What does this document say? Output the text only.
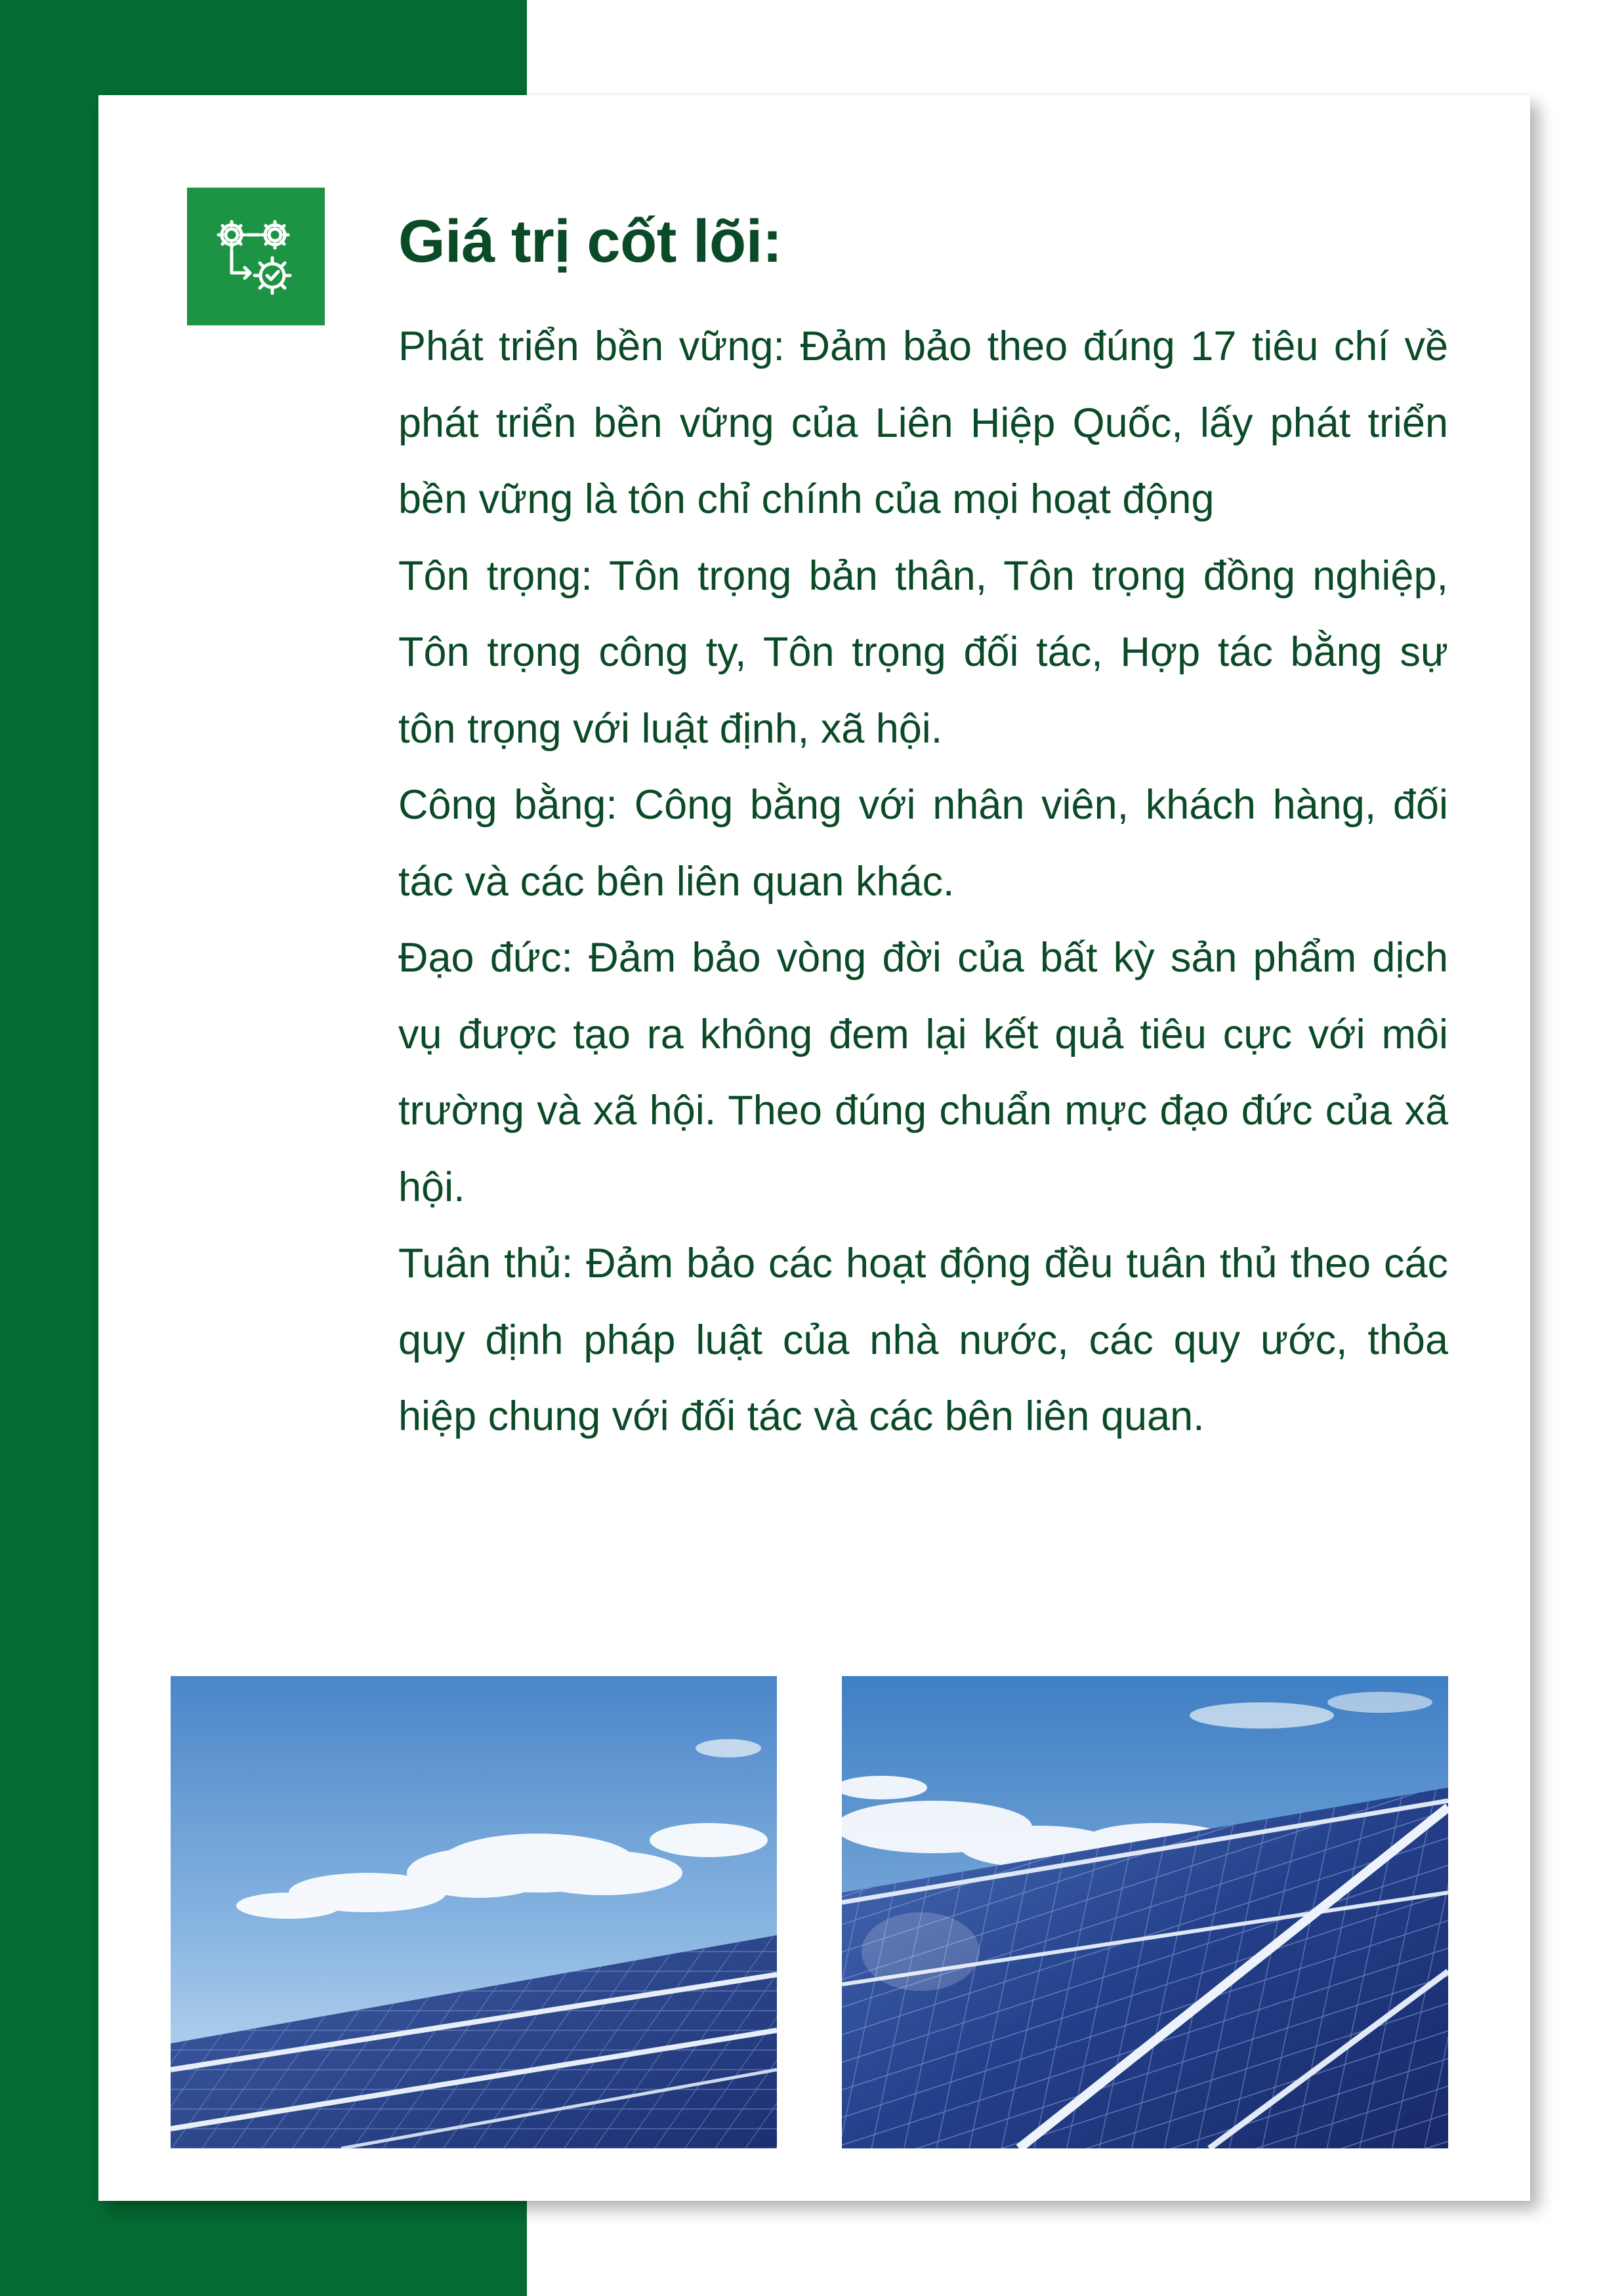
Giá trị cốt lõi:

Phát triển bền vững: Đảm bảo theo đúng 17 tiêu chí về phát triển bền vững của Liên Hiệp Quốc, lấy phát triển bền vững là tôn chỉ chính của mọi hoạt động

Tôn trọng: Tôn trọng bản thân, Tôn trọng đồng nghiệp, Tôn trọng công ty, Tôn trọng đối tác, Hợp tác bằng sự tôn trọng với luật định, xã hội.

Công bằng: Công bằng với nhân viên, khách hàng, đối tác và các bên liên quan khác.

Đạo đức: Đảm bảo vòng đời của bất kỳ sản phẩm dịch vụ được tạo ra không đem lại kết quả tiêu cực với môi trường và xã hội. Theo đúng chuẩn mực đạo đức của xã hội.

Tuân thủ: Đảm bảo các hoạt động đều tuân thủ theo các quy định pháp luật của nhà nước, các quy ước, thỏa hiệp chung với đối tác và các bên liên quan.
